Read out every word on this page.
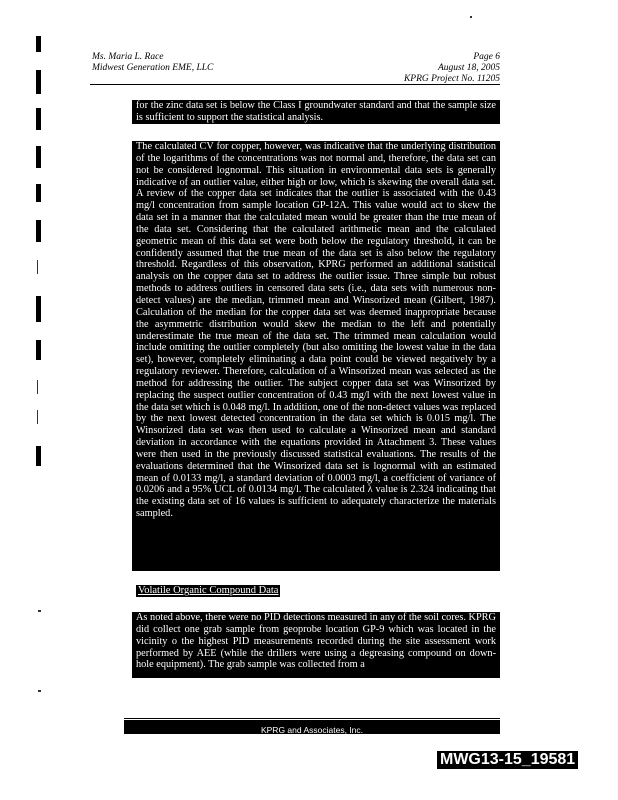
Ms. Maria L. Race
Midwest Generation EME, LLC
Page 6
August 18, 2005
KPRG Project No. 11205
for the zinc data set is below the Class I groundwater standard and that the sample size is sufficient to support the statistical analysis.
The calculated CV for copper, however, was indicative that the underlying distribution of the logarithms of the concentrations was not normal and, therefore, the data set can not be considered lognormal. This situation in environmental data sets is generally indicative of an outlier value, either high or low, which is skewing the overall data set. A review of the copper data set indicates that the outlier is associated with the 0.43 mg/l concentration from sample location GP-12A. This value would act to skew the data set in a manner that the calculated mean would be greater than the true mean of the data set. Considering that the calculated arithmetic mean and the calculated geometric mean of this data set were both below the regulatory threshold, it can be confidently assumed that the true mean of the data set is also below the regulatory threshold. Regardless of this observation, KPRG performed an additional statistical analysis on the copper data set to address the outlier issue. Three simple but robust methods to address outliers in censored data sets (i.e., data sets with numerous non-detect values) are the median, trimmed mean and Winsorized mean (Gilbert, 1987). Calculation of the median for the copper data set was deemed inappropriate because the asymmetric distribution would skew the median to the left and potentially underestimate the true mean of the data set. The trimmed mean calculation would include omitting the outlier completely (but also omitting the lowest value in the data set), however, completely eliminating a data point could be viewed negatively by a regulatory reviewer. Therefore, calculation of a Winsorized mean was selected as the method for addressing the outlier. The subject copper data set was Winsorized by replacing the suspect outlier concentration of 0.43 mg/l with the next lowest value in the data set which is 0.048 mg/l. In addition, one of the non-detect values was replaced by the next lowest detected concentration in the data set which is 0.015 mg/l. The Winsorized data set was then used to calculate a Winsorized mean and standard deviation in accordance with the equations provided in Attachment 3. These values were then used in the previously discussed statistical evaluations. The results of the evaluations determined that the Winsorized data set is lognormal with an estimated mean of 0.0133 mg/l, a standard deviation of 0.0003 mg/l, a coefficient of variance of 0.0206 and a 95% UCL of 0.0134 mg/l. The calculated λ value is 2.324 indicating that the existing data set of 16 values is sufficient to adequately characterize the materials sampled.
Volatile Organic Compound Data
As noted above, there were no PID detections measured in any of the soil cores. KPRG did collect one grab sample from geoprobe location GP-9 which was located in the vicinity o the highest PID measurements recorded during the site assessment work performed by AEE (while the drillers were using a degreasing compound on down-hole equipment). The grab sample was collected from a
KPRG and Associates, Inc.
MWG13-15_19581
